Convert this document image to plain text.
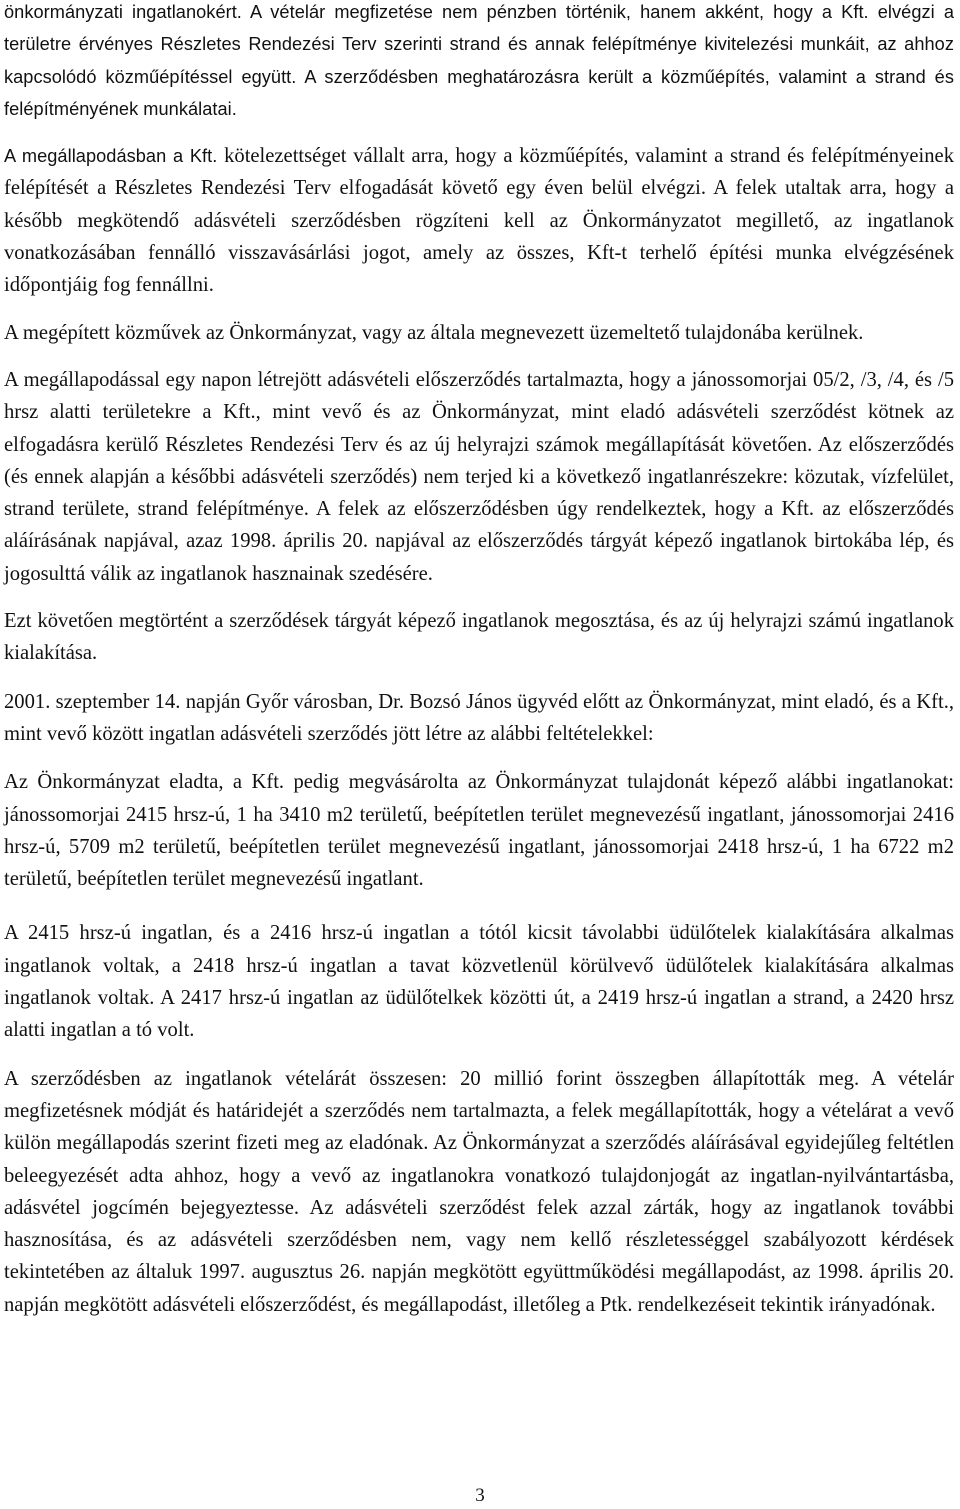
önkormányzati ingatlanokért. A vételár megfizetése nem pénzben történik, hanem akként, hogy a Kft. elvégzi a területre érvényes Részletes Rendezési Terv szerinti strand és annak felépítménye kivitelezési munkáit, az ahhoz kapcsolódó közműépítéssel együtt. A szerződésben meghatározásra került a közműépítés, valamint a strand és felépítményének munkálatai.

A megállapodásban a Kft. kötelezettséget vállalt arra, hogy a közműépítés, valamint a strand és felépítményeinek felépítését a Részletes Rendezési Terv elfogadását követő egy éven belül elvégzi. A felek utaltak arra, hogy a később megkötendő adásvételi szerződésben rögzíteni kell az Önkormányzatot megillető, az ingatlanok vonatkozásában fennálló visszavásárlási jogot, amely az összes, Kft-t terhelő építési munka elvégzésének időpontjáig fog fennállni.

A megépített közművek az Önkormányzat, vagy az általa megnevezett üzemeltető tulajdonába kerülnek.

A megállapodással egy napon létrejött adásvételi előszerződés tartalmazta, hogy a jánossomorjai 05/2, /3, /4, és /5 hrsz alatti területekre a Kft., mint vevő és az Önkormányzat, mint eladó adásvételi szerződést kötnek az elfogadásra kerülő Részletes Rendezési Terv és az új helyrajzi számok megállapítását követően. Az előszerződés (és ennek alapján a későbbi adásvételi szerződés) nem terjed ki a következő ingatlanrészekre: közutak, vízfelület, strand területe, strand felépítménye. A felek az előszerződésben úgy rendelkeztek, hogy a Kft. az előszerződés aláírásának napjával, azaz 1998. április 20. napjával az előszerződés tárgyát képező ingatlanok birtokába lép, és jogosulttá válik az ingatlanok hasznainak szedésére.

Ezt követően megtörtént a szerződések tárgyát képező ingatlanok megosztása, és az új helyrajzi számú ingatlanok kialakítása.

2001. szeptember 14. napján Győr városban, Dr. Bozsó János ügyvéd előtt az Önkormányzat, mint eladó, és a Kft., mint vevő között ingatlan adásvételi szerződés jött létre az alábbi feltételekkel:

Az Önkormányzat eladta, a Kft. pedig megvásárolta az Önkormányzat tulajdonát képező alábbi ingatlanokat: jánossomorjai 2415 hrsz-ú, 1 ha 3410 m2 területű, beépítetlen terület megnevezésű ingatlant, jánossomorjai 2416 hrsz-ú, 5709 m2 területű, beépítetlen terület megnevezésű ingatlant, jánossomorjai 2418 hrsz-ú, 1 ha 6722 m2 területű, beépítetlen terület megnevezésű ingatlant.

A 2415 hrsz-ú ingatlan, és a 2416 hrsz-ú ingatlan a tótól kicsit távolabbi üdülőtelek kialakítására alkalmas ingatlanok voltak, a 2418 hrsz-ú ingatlan a tavat közvetlenül körülvevő üdülőtelek kialakítására alkalmas ingatlanok voltak. A 2417 hrsz-ú ingatlan az üdülőtelkek közötti út, a 2419 hrsz-ú ingatlan a strand, a 2420 hrsz alatti ingatlan a tó volt.

A szerződésben az ingatlanok vételárát összesen: 20 millió forint összegben állapították meg. A vételár megfizetésnek módját és határidejét a szerződés nem tartalmazta, a felek megállapították, hogy a vételárat a vevő külön megállapodás szerint fizeti meg az eladónak. Az Önkormányzat a szerződés aláírásával egyidejűleg feltétlen beleegyezését adta ahhoz, hogy a vevő az ingatlanokra vonatkozó tulajdonjogát az ingatlan-nyilvántartásba, adásvétel jogcímén bejegyeztesse. Az adásvételi szerződést felek azzal zárták, hogy az ingatlanok további hasznosítása, és az adásvételi szerződésben nem, vagy nem kellő részletességgel szabályozott kérdések tekintetében az általuk 1997. augusztus 26. napján megkötött együttműködési megállapodást, az 1998. április 20. napján megkötött adásvételi előszerződést, és megállapodást, illetőleg a Ptk. rendelkezéseit tekintik irányadónak.

3
